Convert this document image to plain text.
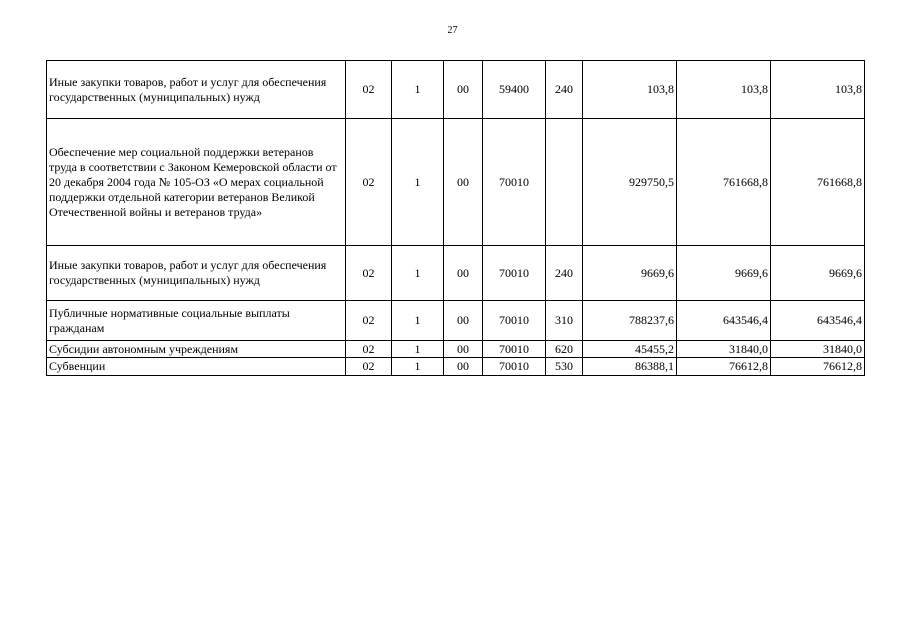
27
Иные закупки товаров, работ и услуг для обеспечения государственных (муниципальных) нужд	02	1	00	59400	240	103,8	103,8	103,8
Обеспечение мер социальной поддержки ветеранов труда в соответствии с Законом Кемеровской области от 20 декабря 2004 года № 105-ОЗ «О мерах социальной поддержки отдельной категории ветеранов Великой Отечественной войны и ветеранов труда»	02	1	00	70010		929750,5	761668,8	761668,8
Иные закупки товаров, работ и услуг для обеспечения государственных (муниципальных) нужд	02	1	00	70010	240	9669,6	9669,6	9669,6
Публичные нормативные социальные выплаты гражданам	02	1	00	70010	310	788237,6	643546,4	643546,4
Субсидии автономным учреждениям	02	1	00	70010	620	45455,2	31840,0	31840,0
Субвенции	02	1	00	70010	530	86388,1	76612,8	76612,8
